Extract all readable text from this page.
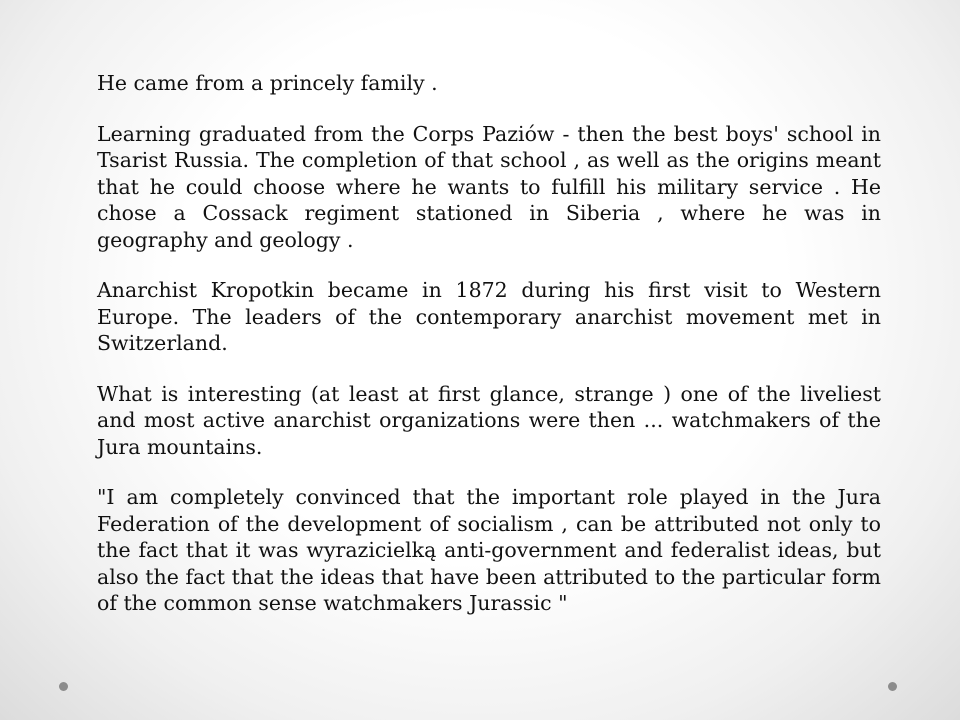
He came from a princely family .

Learning graduated from the Corps Paziów - then the best boys' school in Tsarist Russia. The completion of that school , as well as the origins meant that he could choose where he wants to fulfill his military service . He chose a Cossack regiment stationed in Siberia , where he was in geography and geology .

Anarchist Kropotkin became in 1872 during his first visit to Western Europe. The leaders of the contemporary anarchist movement met in Switzerland.

What is interesting (at least at first glance, strange ) one of the liveliest and most active anarchist organizations were then ... watchmakers of the Jura mountains.

"I am completely convinced that the important role played in the Jura Federation of the development of socialism , can be attributed not only to the fact that it was wyrazicielką anti-government and federalist ideas, but also the fact that the ideas that have been attributed to the particular form of the common sense watchmakers Jurassic "
